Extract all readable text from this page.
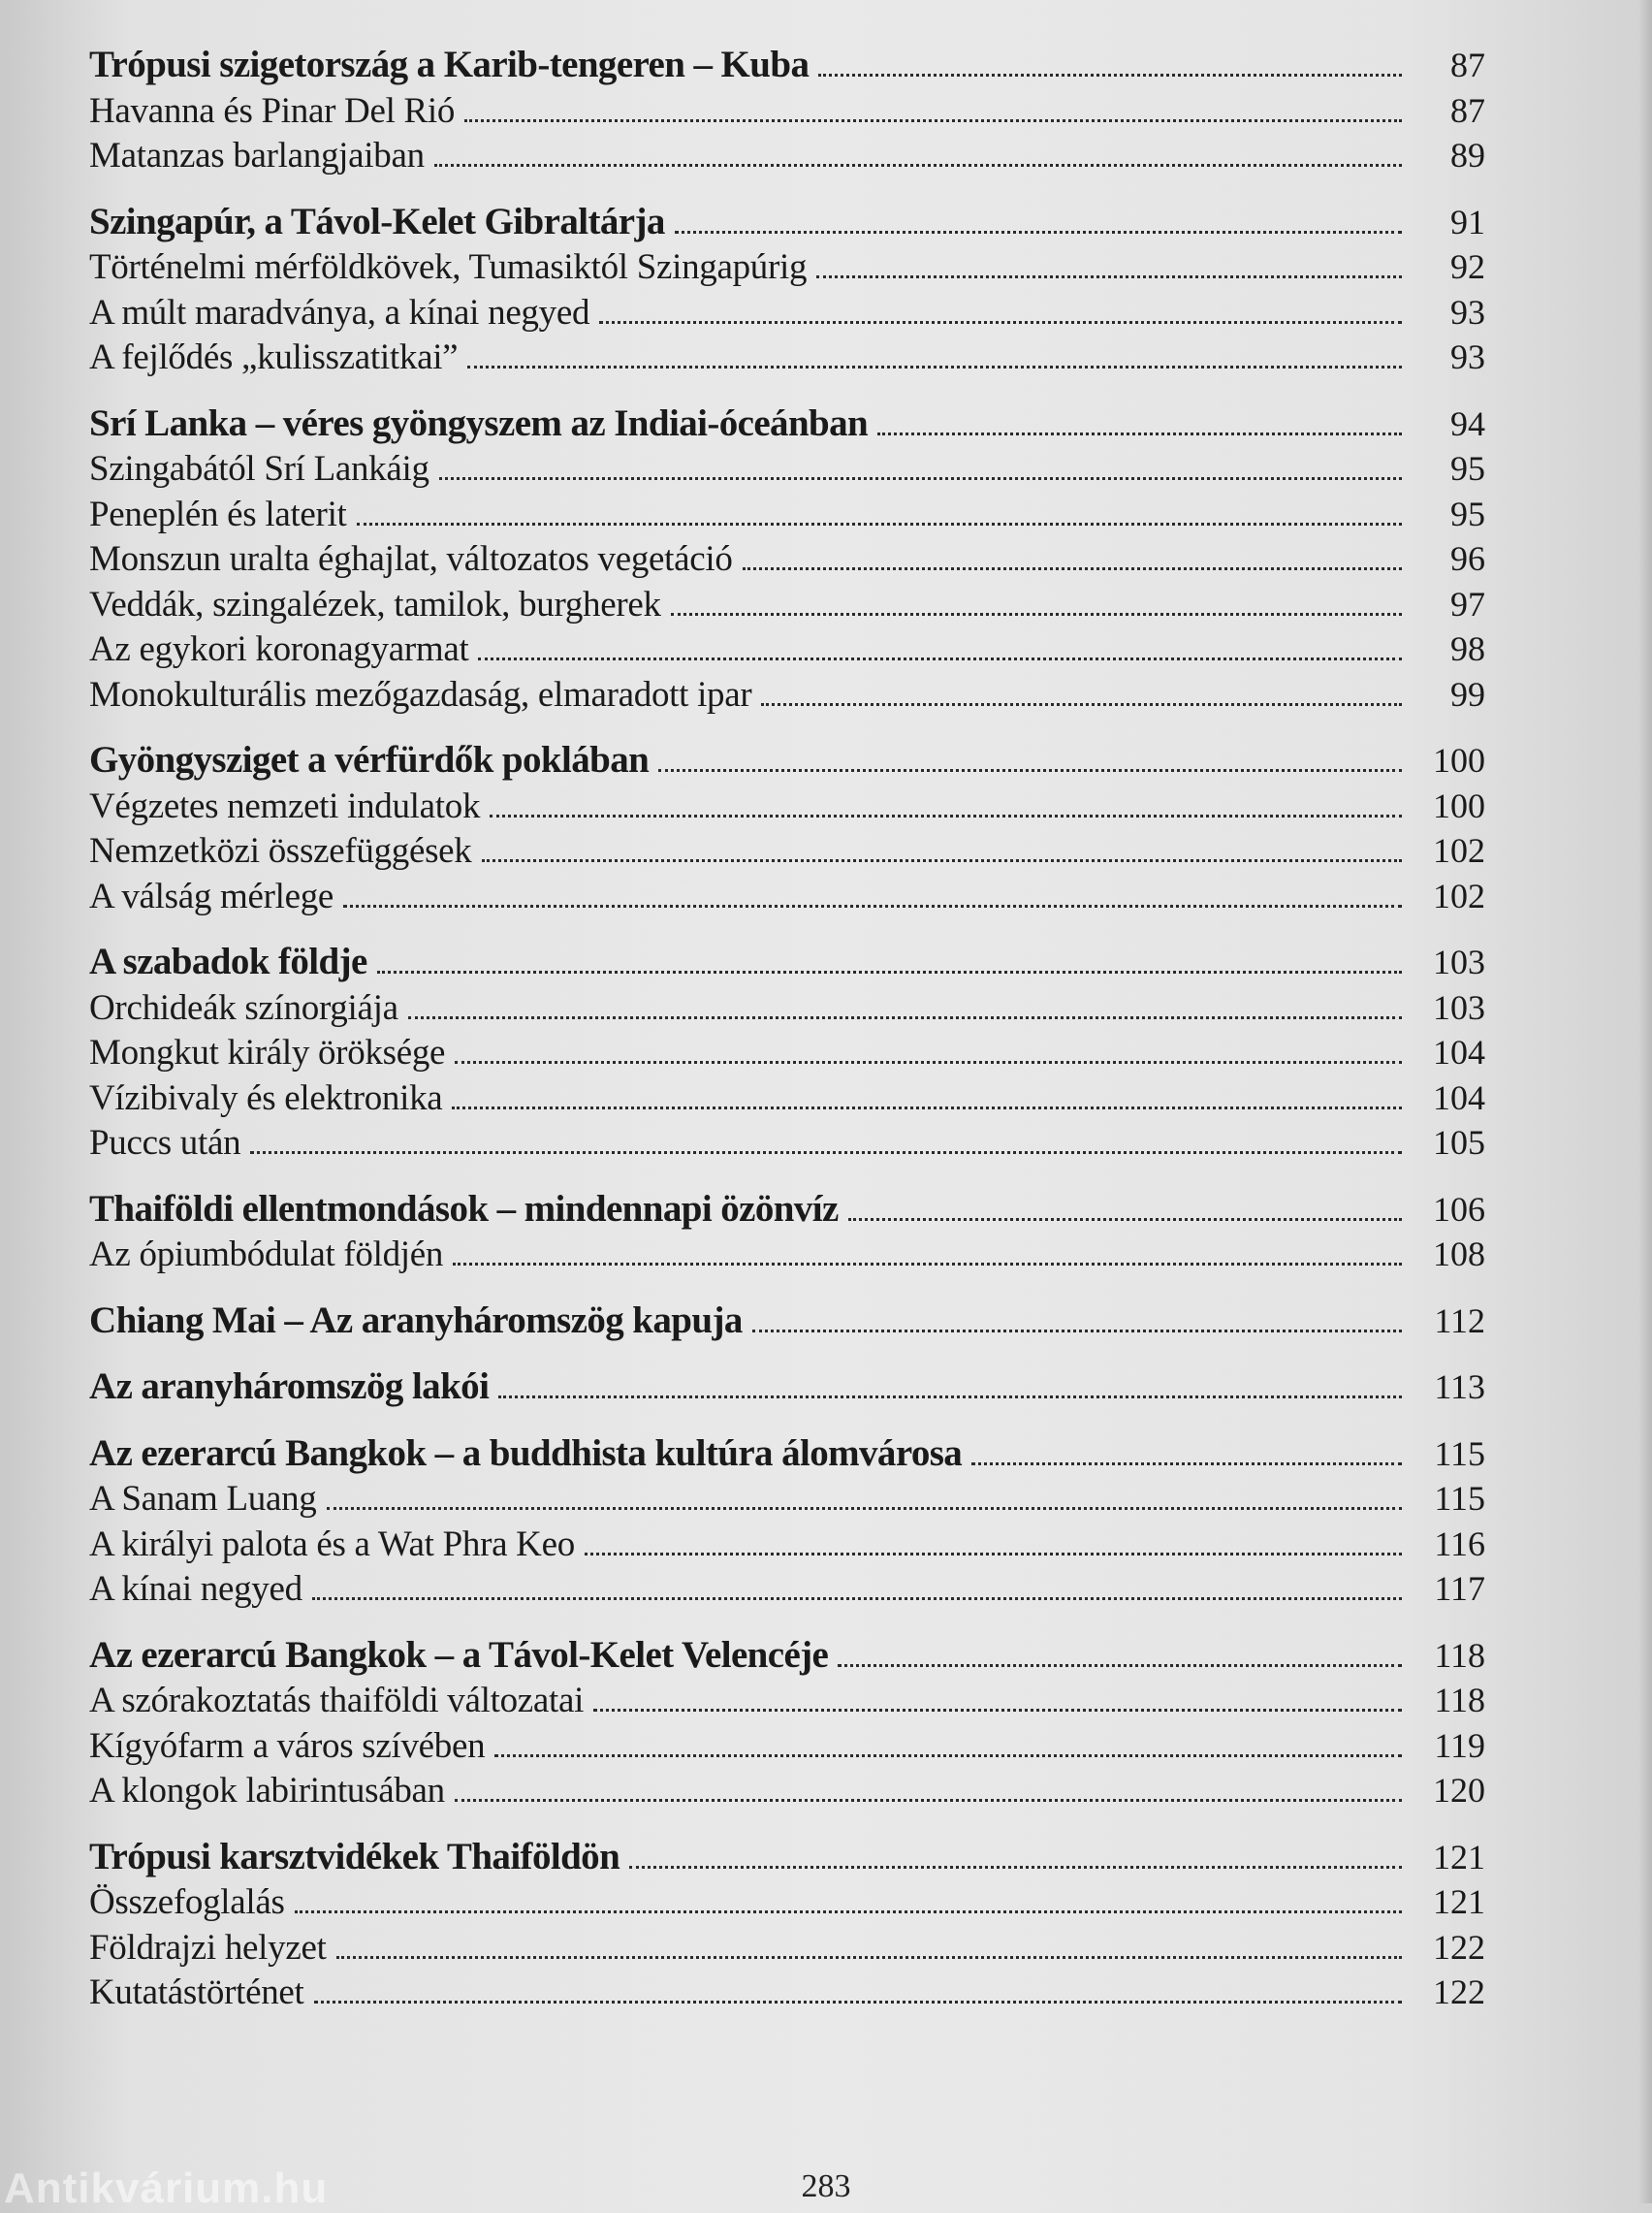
Trópusi szigetország a Karib-tengeren – Kuba	87
Havanna és Pinar Del Rió	87
Matanzas barlangjaiban	89
Szingapúr, a Távol-Kelet Gibraltárja	91
Történelmi mérföldkövek, Tumasiktól Szingapúrig	92
A múlt maradványa, a kínai negyed	93
A fejlődés „kulisszatitkai”	93
Srí Lanka – véres gyöngyszem az Indiai-óceánban	94
Szingabától Srí Lankáig	95
Peneplén és laterit	95
Monszun uralta éghajlat, változatos vegetáció	96
Veddák, szingalézek, tamilok, burgherek	97
Az egykori koronagyarmat	98
Monokulturális mezőgazdaság, elmaradott ipar	99
Gyöngysziget a vérfürdők poklában	100
Végzetes nemzeti indulatok	100
Nemzetközi összefüggések	102
A válság mérlege	102
A szabadok földje	103
Orchideák színorgiája	103
Mongkut király öröksége	104
Vízibivaly és elektronika	104
Puccs után	105
Thaiföldi ellentmondások – mindennapi özönvíz	106
Az ópiumbódulat földjén	108
Chiang Mai – Az aranyháromszög kapuja	112
Az aranyháromszög lakói	113
Az ezerarcú Bangkok – a buddhista kultúra álomvárosa	115
A Sanam Luang	115
A királyi palota és a Wat Phra Keo	116
A kínai negyed	117
Az ezerarcú Bangkok – a Távol-Kelet Velencéje	118
A szórakoztatás thaiföldi változatai	118
Kígyófarm a város szívében	119
A klongok labirintusában	120
Trópusi karsztvidékek Thaiföldön	121
Összefoglalás	121
Földrajzi helyzet	122
Kutatástörténet	122
283
Antikvárium.hu
